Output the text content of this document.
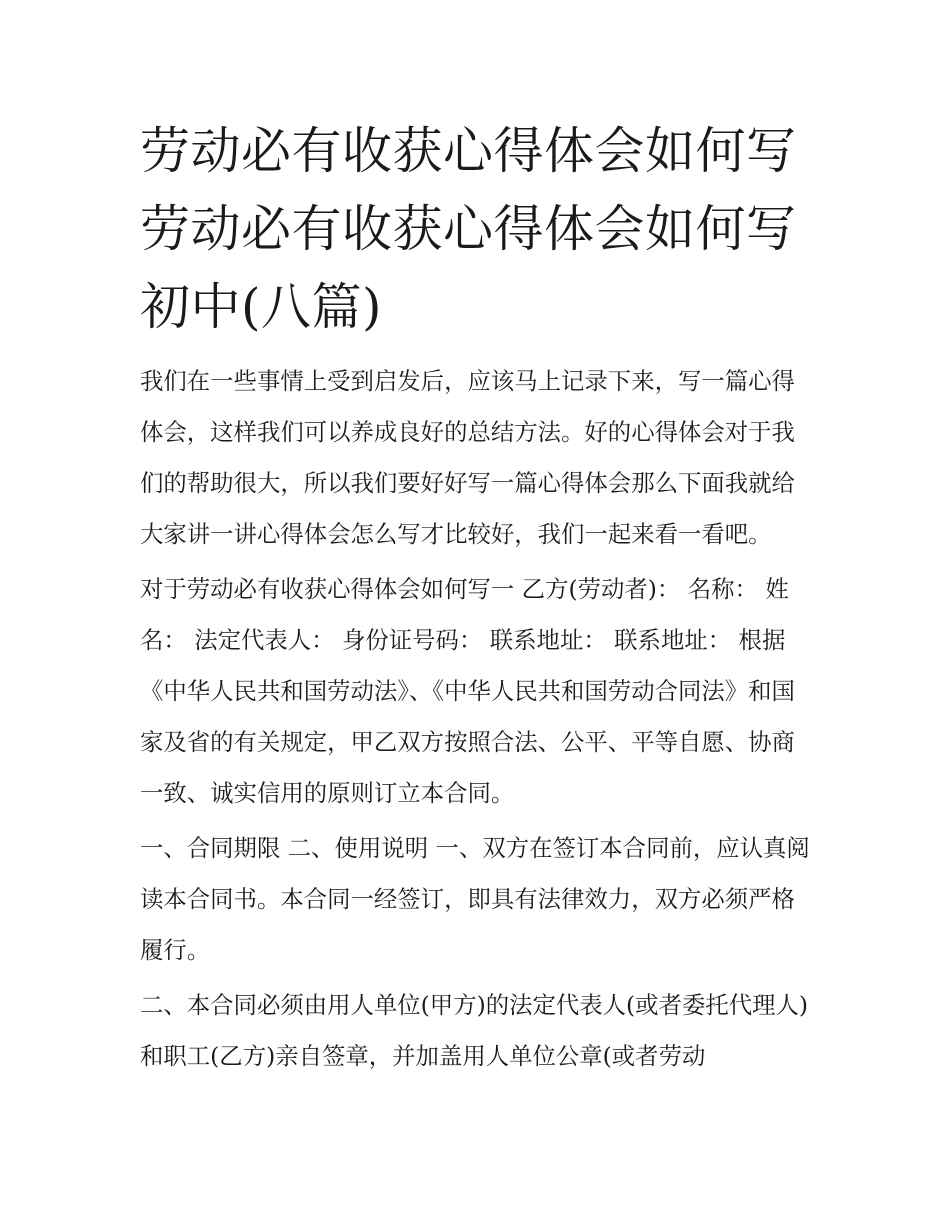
劳动必有收获心得体会如何写
劳动必有收获心得体会如何写
初中(八篇)

我们在一些事情上受到启发后，应该马上记录下来，写一篇心得体会，这样我们可以养成良好的总结方法。好的心得体会对于我们的帮助很大，所以我们要好好写一篇心得体会那么下面我就给大家讲一讲心得体会怎么写才比较好，我们一起来看一看吧。

对于劳动必有收获心得体会如何写一 乙方(劳动者)： 名称： 姓名： 法定代表人： 身份证号码： 联系地址： 联系地址： 根据《中华人民共和国劳动法》、《中华人民共和国劳动合同法》和国家及省的有关规定，甲乙双方按照合法、公平、平等自愿、协商一致、诚实信用的原则订立本合同。

一、合同期限 二、使用说明 一、双方在签订本合同前，应认真阅读本合同书。本合同一经签订，即具有法律效力，双方必须严格履行。

二、本合同必须由用人单位(甲方)的法定代表人(或者委托代理人)和职工(乙方)亲自签章，并加盖用人单位公章(或者劳动
